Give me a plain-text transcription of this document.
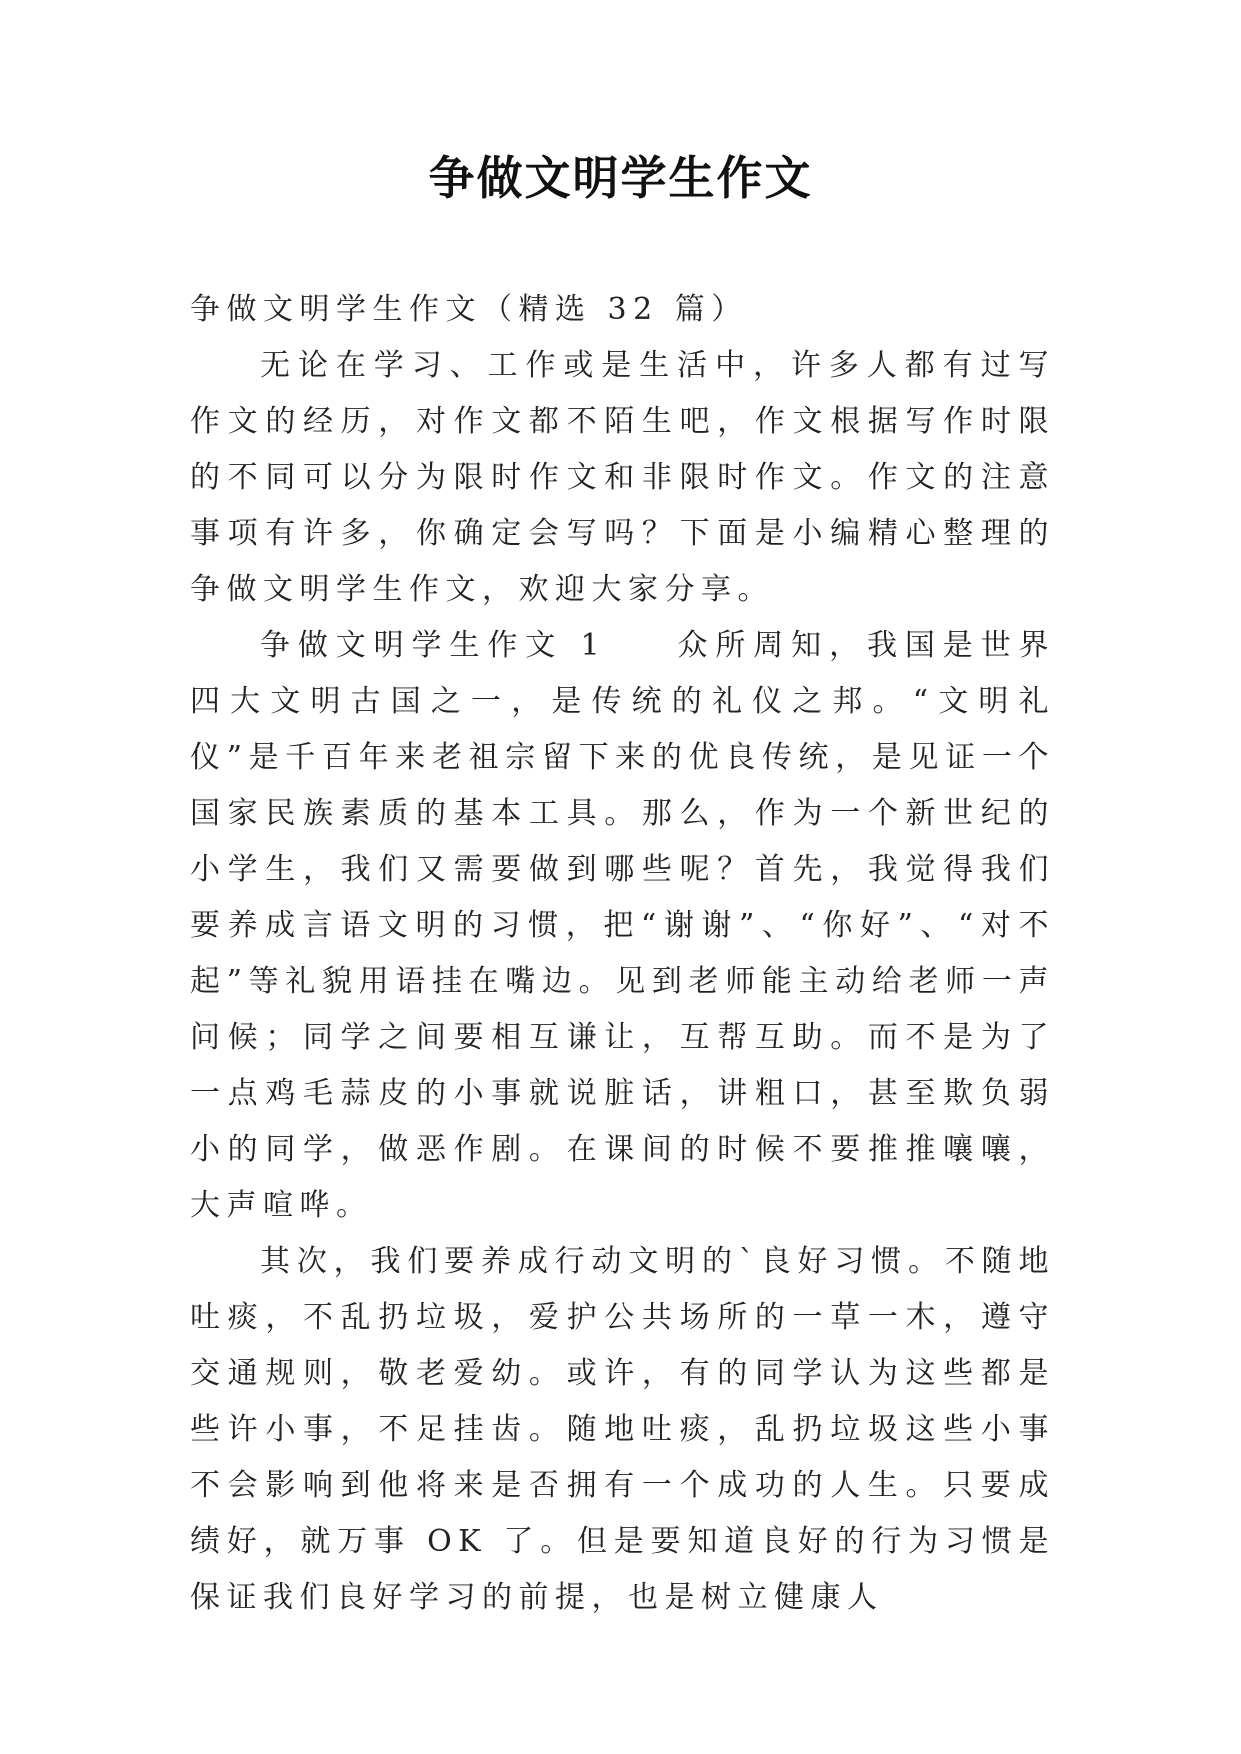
争做文明学生作文

争做文明学生作文（精选 32 篇）

无论在学习、工作或是生活中，许多人都有过写作文的经历，对作文都不陌生吧，作文根据写作时限的不同可以分为限时作文和非限时作文。作文的注意事项有许多，你确定会写吗？下面是小编精心整理的争做文明学生作文，欢迎大家分享。

争做文明学生作文 1 众所周知，我国是世界四大文明古国之一，是传统的礼仪之邦。“文明礼仪”是千百年来老祖宗留下来的优良传统，是见证一个国家民族素质的基本工具。那么，作为一个新世纪的小学生，我们又需要做到哪些呢？首先，我觉得我们要养成言语文明的习惯，把“谢谢”、“你好”、“对不起”等礼貌用语挂在嘴边。见到老师能主动给老师一声问候；同学之间要相互谦让，互帮互助。而不是为了一点鸡毛蒜皮的小事就说脏话，讲粗口，甚至欺负弱小的同学，做恶作剧。在课间的时候不要推推嚷嚷，大声喧哗。

其次，我们要养成行动文明的`良好习惯。不随地吐痰，不乱扔垃圾，爱护公共场所的一草一木，遵守交通规则，敬老爱幼。或许，有的同学认为这些都是些许小事，不足挂齿。随地吐痰，乱扔垃圾这些小事不会影响到他将来是否拥有一个成功的人生。只要成绩好，就万事 OK 了。但是要知道良好的行为习惯是保证我们良好学习的前提，也是树立健康人
